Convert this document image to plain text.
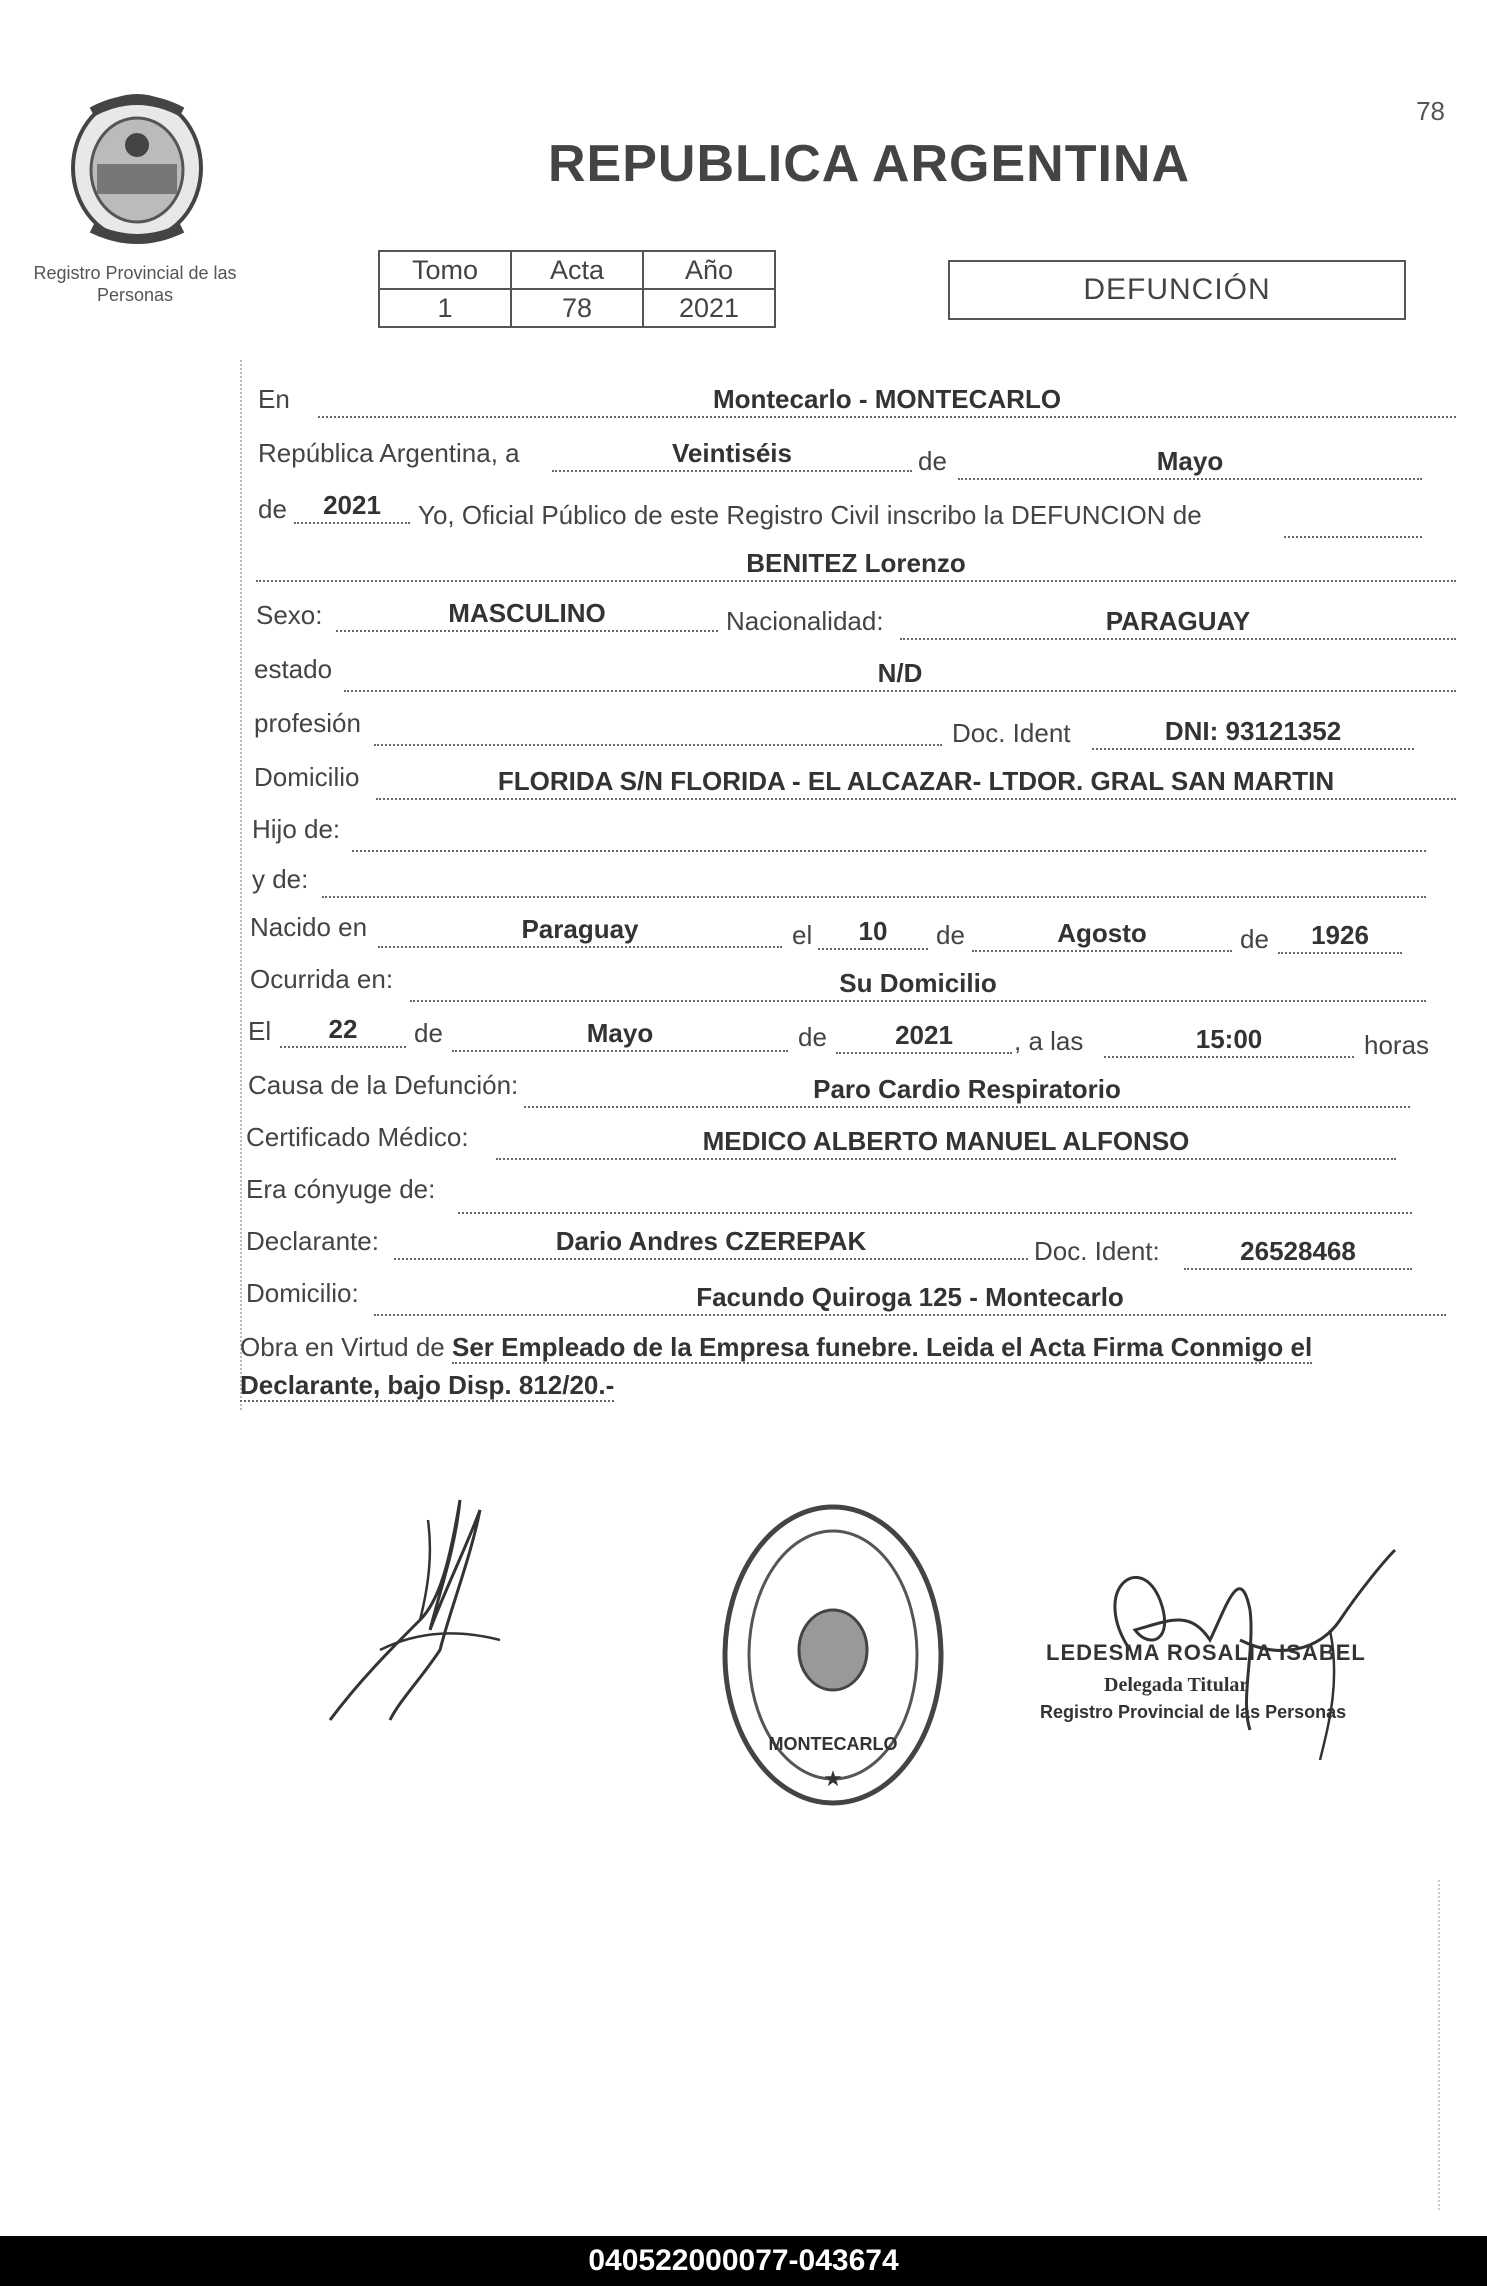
78
Registro Provincial de las Personas
REPUBLICA ARGENTINA
Tomo	Acta	Año
1	78	2021
DEFUNCIÓN
En	Montecarlo - MONTECARLO
República Argentina, a	Veintiséis	de	Mayo
de	2021	Yo, Oficial Público de este Registro Civil inscribo la DEFUNCION de
BENITEZ Lorenzo
Sexo:	MASCULINO	Nacionalidad:	PARAGUAY
estado	N/D
profesión	Doc. Ident	DNI: 93121352
Domicilio	FLORIDA S/N FLORIDA - EL ALCAZAR- LTDOR. GRAL SAN MARTIN
Hijo de:
y de:
Nacido en	Paraguay	el	10	de	Agosto	de	1926
Ocurrida en:	Su Domicilio
El	22	de	Mayo	de	2021	, a las	15:00	horas
Causa de la Defunción:	Paro Cardio Respiratorio
Certificado Médico:	MEDICO ALBERTO MANUEL ALFONSO
Era cónyuge de:
Declarante:	Dario Andres CZEREPAK	Doc. Ident:	26528468
Domicilio:	Facundo Quiroga 125 - Montecarlo
Obra en Virtud de Ser Empleado de la Empresa funebre. Leida el Acta Firma Conmigo el Declarante, bajo Disp. 812/20.-
MONTECARLO
★
LEDESMA ROSALIA ISABEL
Delegada Titular
Registro Provincial de las Personas
040522000077-043674
